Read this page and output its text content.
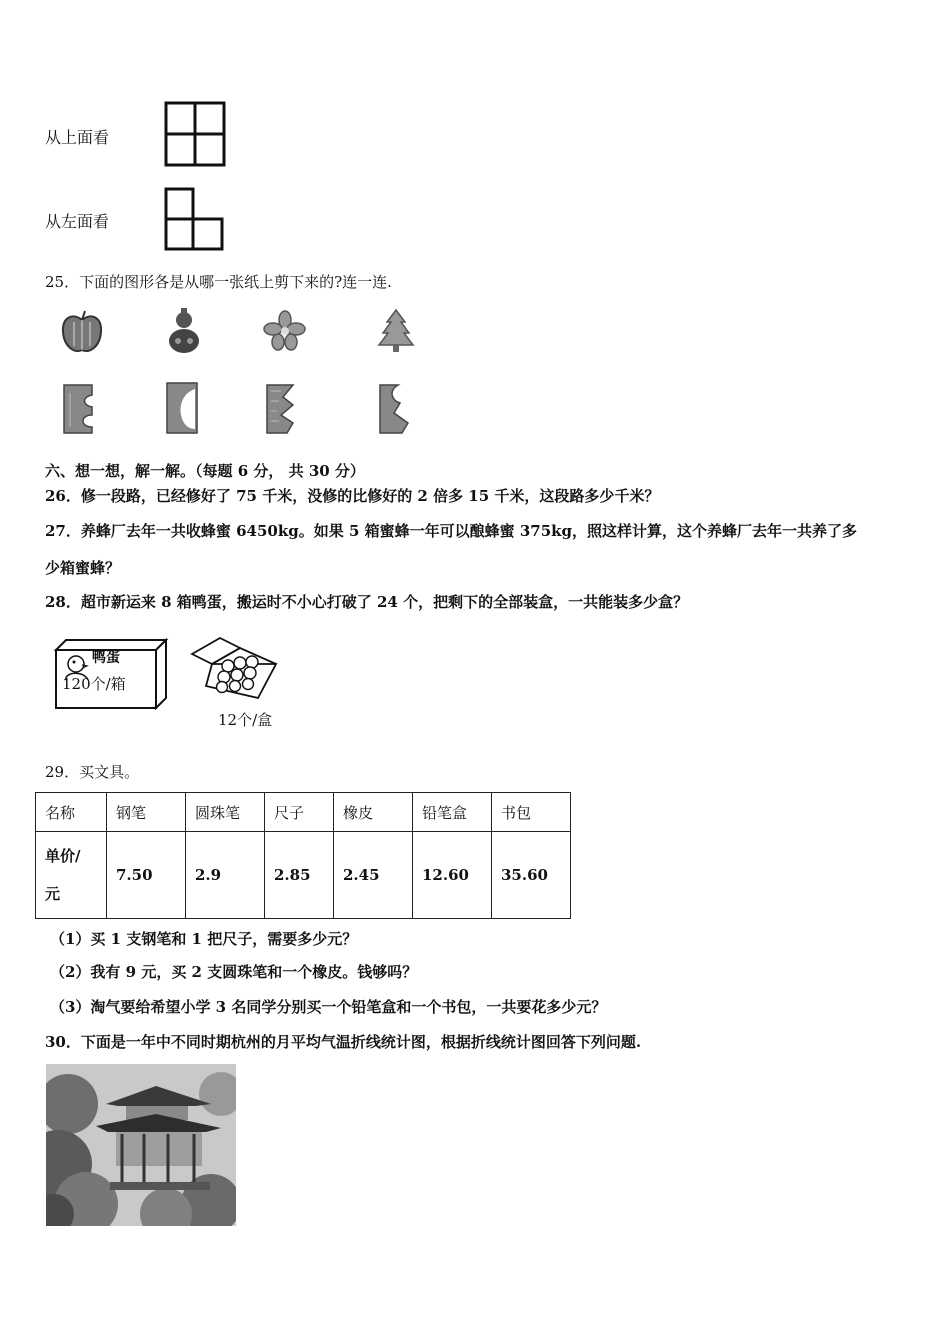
从上面看
从左面看
25．下面的图形各是从哪一张纸上剪下来的?连一连.
六、想一想，解一解。（每题 6 分， 共 30 分）
26．修一段路，已经修好了 75 千米，没修的比修好的 2 倍多 15 千米，这段路多少千米？
27．养蜂厂去年一共收蜂蜜 6450kg。如果 5 箱蜜蜂一年可以酿蜂蜜 375kg，照这样计算，这个养蜂厂去年一共养了多
少箱蜜蜂？
28．超市新运来 8 箱鸭蛋，搬运时不小心打破了 24 个，把剩下的全部装盒，一共能装多少盒？
鸭蛋
120个/箱
12个/盒
29．买文具。
名称	钢笔	圆珠笔	尺子	橡皮	铅笔盒	书包

单价/
元	7.50	2.9	2.85	2.45	12.60	35.60
（1）买 1 支钢笔和 1 把尺子，需要多少元？
（2）我有 9 元，买 2 支圆珠笔和一个橡皮。钱够吗？
（3）淘气要给希望小学 3 名同学分别买一个铅笔盒和一个书包，一共要花多少元？
30．下面是一年中不同时期杭州的月平均气温折线统计图，根据折线统计图回答下列问题.
